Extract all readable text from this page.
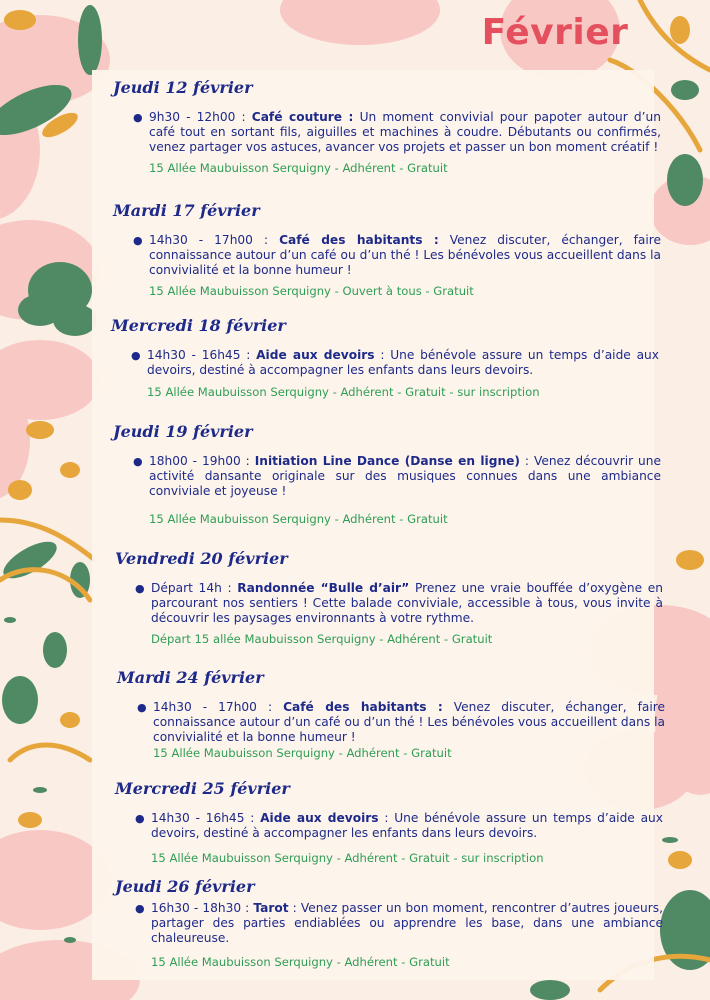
Février
Jeudi 12 février
● 9h30 - 12h00 : Café couture : Un moment convivial pour papoter autour d’un café tout en sortant fils, aiguilles et machines à coudre. Débutants ou confirmés, venez partager vos astuces, avancer vos projets et passer un bon moment créatif !
15 Allée Maubuisson Serquigny - Adhérent - Gratuit
Mardi 17 février
● 14h30 - 17h00 : Café des habitants : Venez discuter, échanger, faire connaissance autour d’un café ou d’un thé ! Les bénévoles vous accueillent dans la convivialité et la bonne humeur !
15 Allée Maubuisson Serquigny - Ouvert à tous - Gratuit
Mercredi 18 février
● 14h30 - 16h45 : Aide aux devoirs : Une bénévole assure un temps d’aide aux devoirs, destiné à accompagner les enfants dans leurs devoirs.
15 Allée Maubuisson Serquigny - Adhérent - Gratuit - sur inscription
Jeudi 19 février
● 18h00 - 19h00 : Initiation Line Dance (Danse en ligne) : Venez découvrir une activité dansante originale sur des musiques connues dans une ambiance conviviale et joyeuse !
15 Allée Maubuisson Serquigny - Adhérent - Gratuit
Vendredi 20 février
● Départ 14h : Randonnée “Bulle d’air” Prenez une vraie bouffée d’oxygène en parcourant nos sentiers ! Cette balade conviviale, accessible à tous, vous invite à découvrir les paysages environnants à votre rythme.
Départ 15 allée Maubuisson Serquigny - Adhérent - Gratuit
Mardi 24 février
● 14h30 - 17h00 : Café des habitants : Venez discuter, échanger, faire connaissance autour d’un café ou d’un thé ! Les bénévoles vous accueillent dans la convivialité et la bonne humeur !
15 Allée Maubuisson Serquigny - Adhérent - Gratuit
Mercredi 25 février
● 14h30 - 16h45 : Aide aux devoirs : Une bénévole assure un temps d’aide aux devoirs, destiné à accompagner les enfants dans leurs devoirs.
15 Allée Maubuisson Serquigny - Adhérent - Gratuit - sur inscription
Jeudi 26 février
● 16h30 - 18h30 : Tarot : Venez passer un bon moment, rencontrer d’autres joueurs, partager des parties endiablées ou apprendre les base, dans une ambiance chaleureuse.
15 Allée Maubuisson Serquigny - Adhérent - Gratuit
